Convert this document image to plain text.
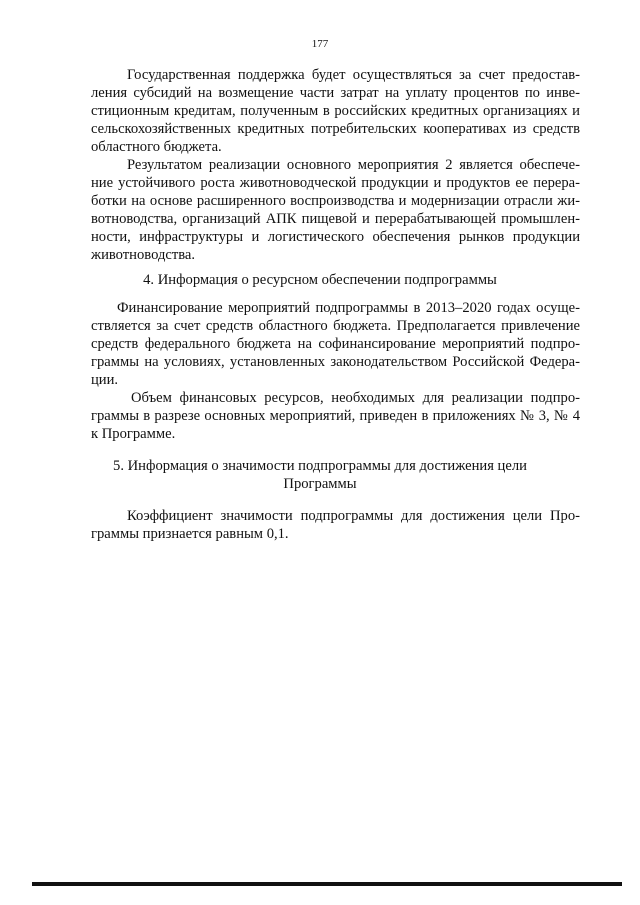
177
Государственная поддержка будет осуществляться за счет предостав-
ления субсидий на возмещение части затрат на уплату процентов по инве-
стиционным кредитам, полученным в российских кредитных организациях и
сельскохозяйственных кредитных потребительских кооперативах из средств
областного бюджета.
Результатом реализации основного мероприятия 2 является обеспече-
ние устойчивого роста животноводческой продукции и продуктов ее перера-
ботки на основе расширенного воспроизводства и модернизации отрасли жи-
вотноводства, организаций АПК пищевой и перерабатывающей промышлен-
ности, инфраструктуры и логистического обеспечения рынков продукции
животноводства.
4. Информация о ресурсном обеспечении подпрограммы
Финансирование мероприятий подпрограммы в 2013–2020 годах осуще-
ствляется за счет средств областного бюджета. Предполагается привлечение
средств федерального бюджета на софинансирование мероприятий подпро-
граммы на условиях, установленных законодательством Российской Федера-
ции.
Объем финансовых ресурсов, необходимых для реализации подпро-
граммы в разрезе основных мероприятий, приведен в приложениях № 3, № 4
к Программе.
5. Информация о значимости подпрограммы для достижения цели
Программы
Коэффициент значимости подпрограммы для достижения цели Про-
граммы признается равным 0,1.
